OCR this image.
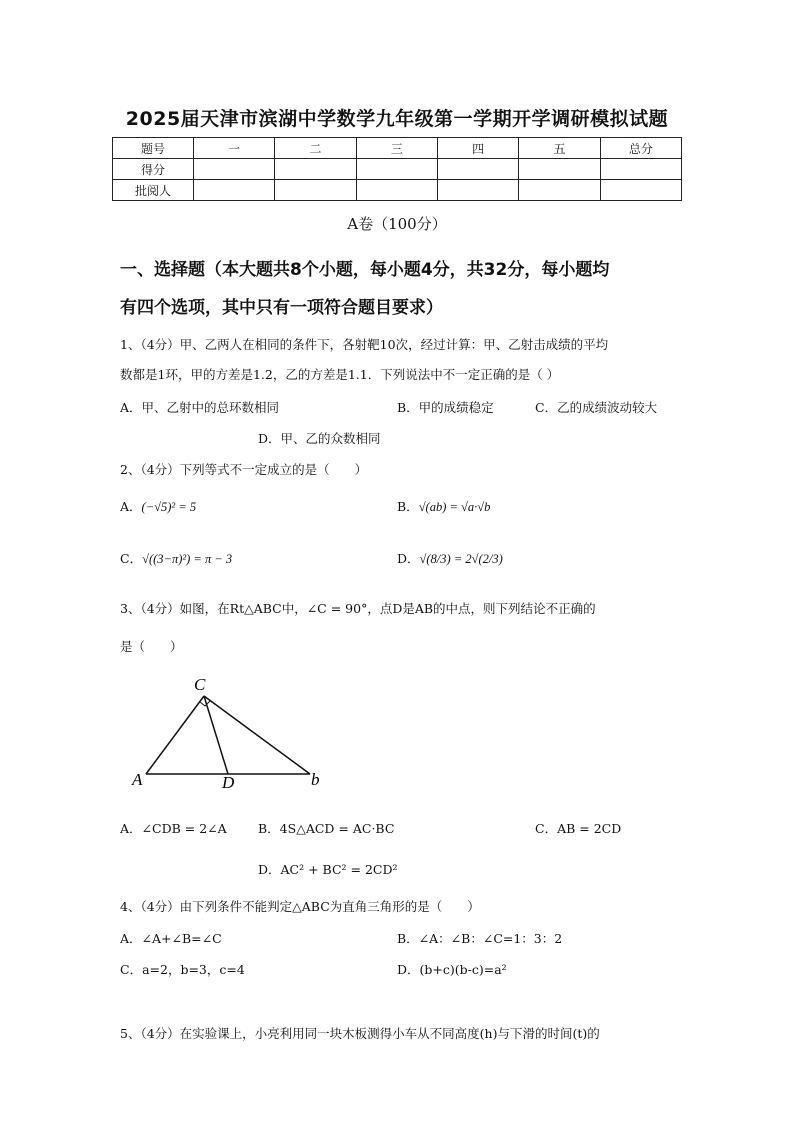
2025届天津市滨湖中学数学九年级第一学期开学调研模拟试题
题号	一	二	三	四	五	总分
得分						
批阅人						
A卷（100分）
一、选择题（本大题共8个小题，每小题4分，共32分，每小题均
有四个选项，其中只有一项符合题目要求）
1、（4分）甲、乙两人在相同的条件下，各射靶10次，经过计算：甲、乙射击成绩的平均
数都是1环，甲的方差是1.2，乙的方差是1.1．下列说法中不一定正确的是（ ）
A．甲、乙射中的总环数相同	B．甲的成绩稳定	C．乙的成绩波动较大
D．甲、乙的众数相同
2、（4分）下列等式不一定成立的是（　　）
A．(−√5)² = 5	B．√(ab) = √a·√b
C．√((3−π)²) = π − 3	D．√(8/3) = 2√(2/3)
3、（4分）如图，在Rt△ABC中，∠C = 90°，点D是AB的中点，则下列结论不正确的
是（　　）
C
A	D	b
A．∠CDB = 2∠A	B．4S△ACD = AC·BC	C．AB = 2CD
D．AC² + BC² = 2CD²
4、（4分）由下列条件不能判定△ABC为直角三角形的是（　　）
A．∠A+∠B=∠C	B．∠A：∠B：∠C=1：3：2
C．a=2，b=3，c=4	D．(b+c)(b-c)=a²
5、（4分）在实验课上，小亮利用同一块木板测得小车从不同高度(h)与下滑的时间(t)的
